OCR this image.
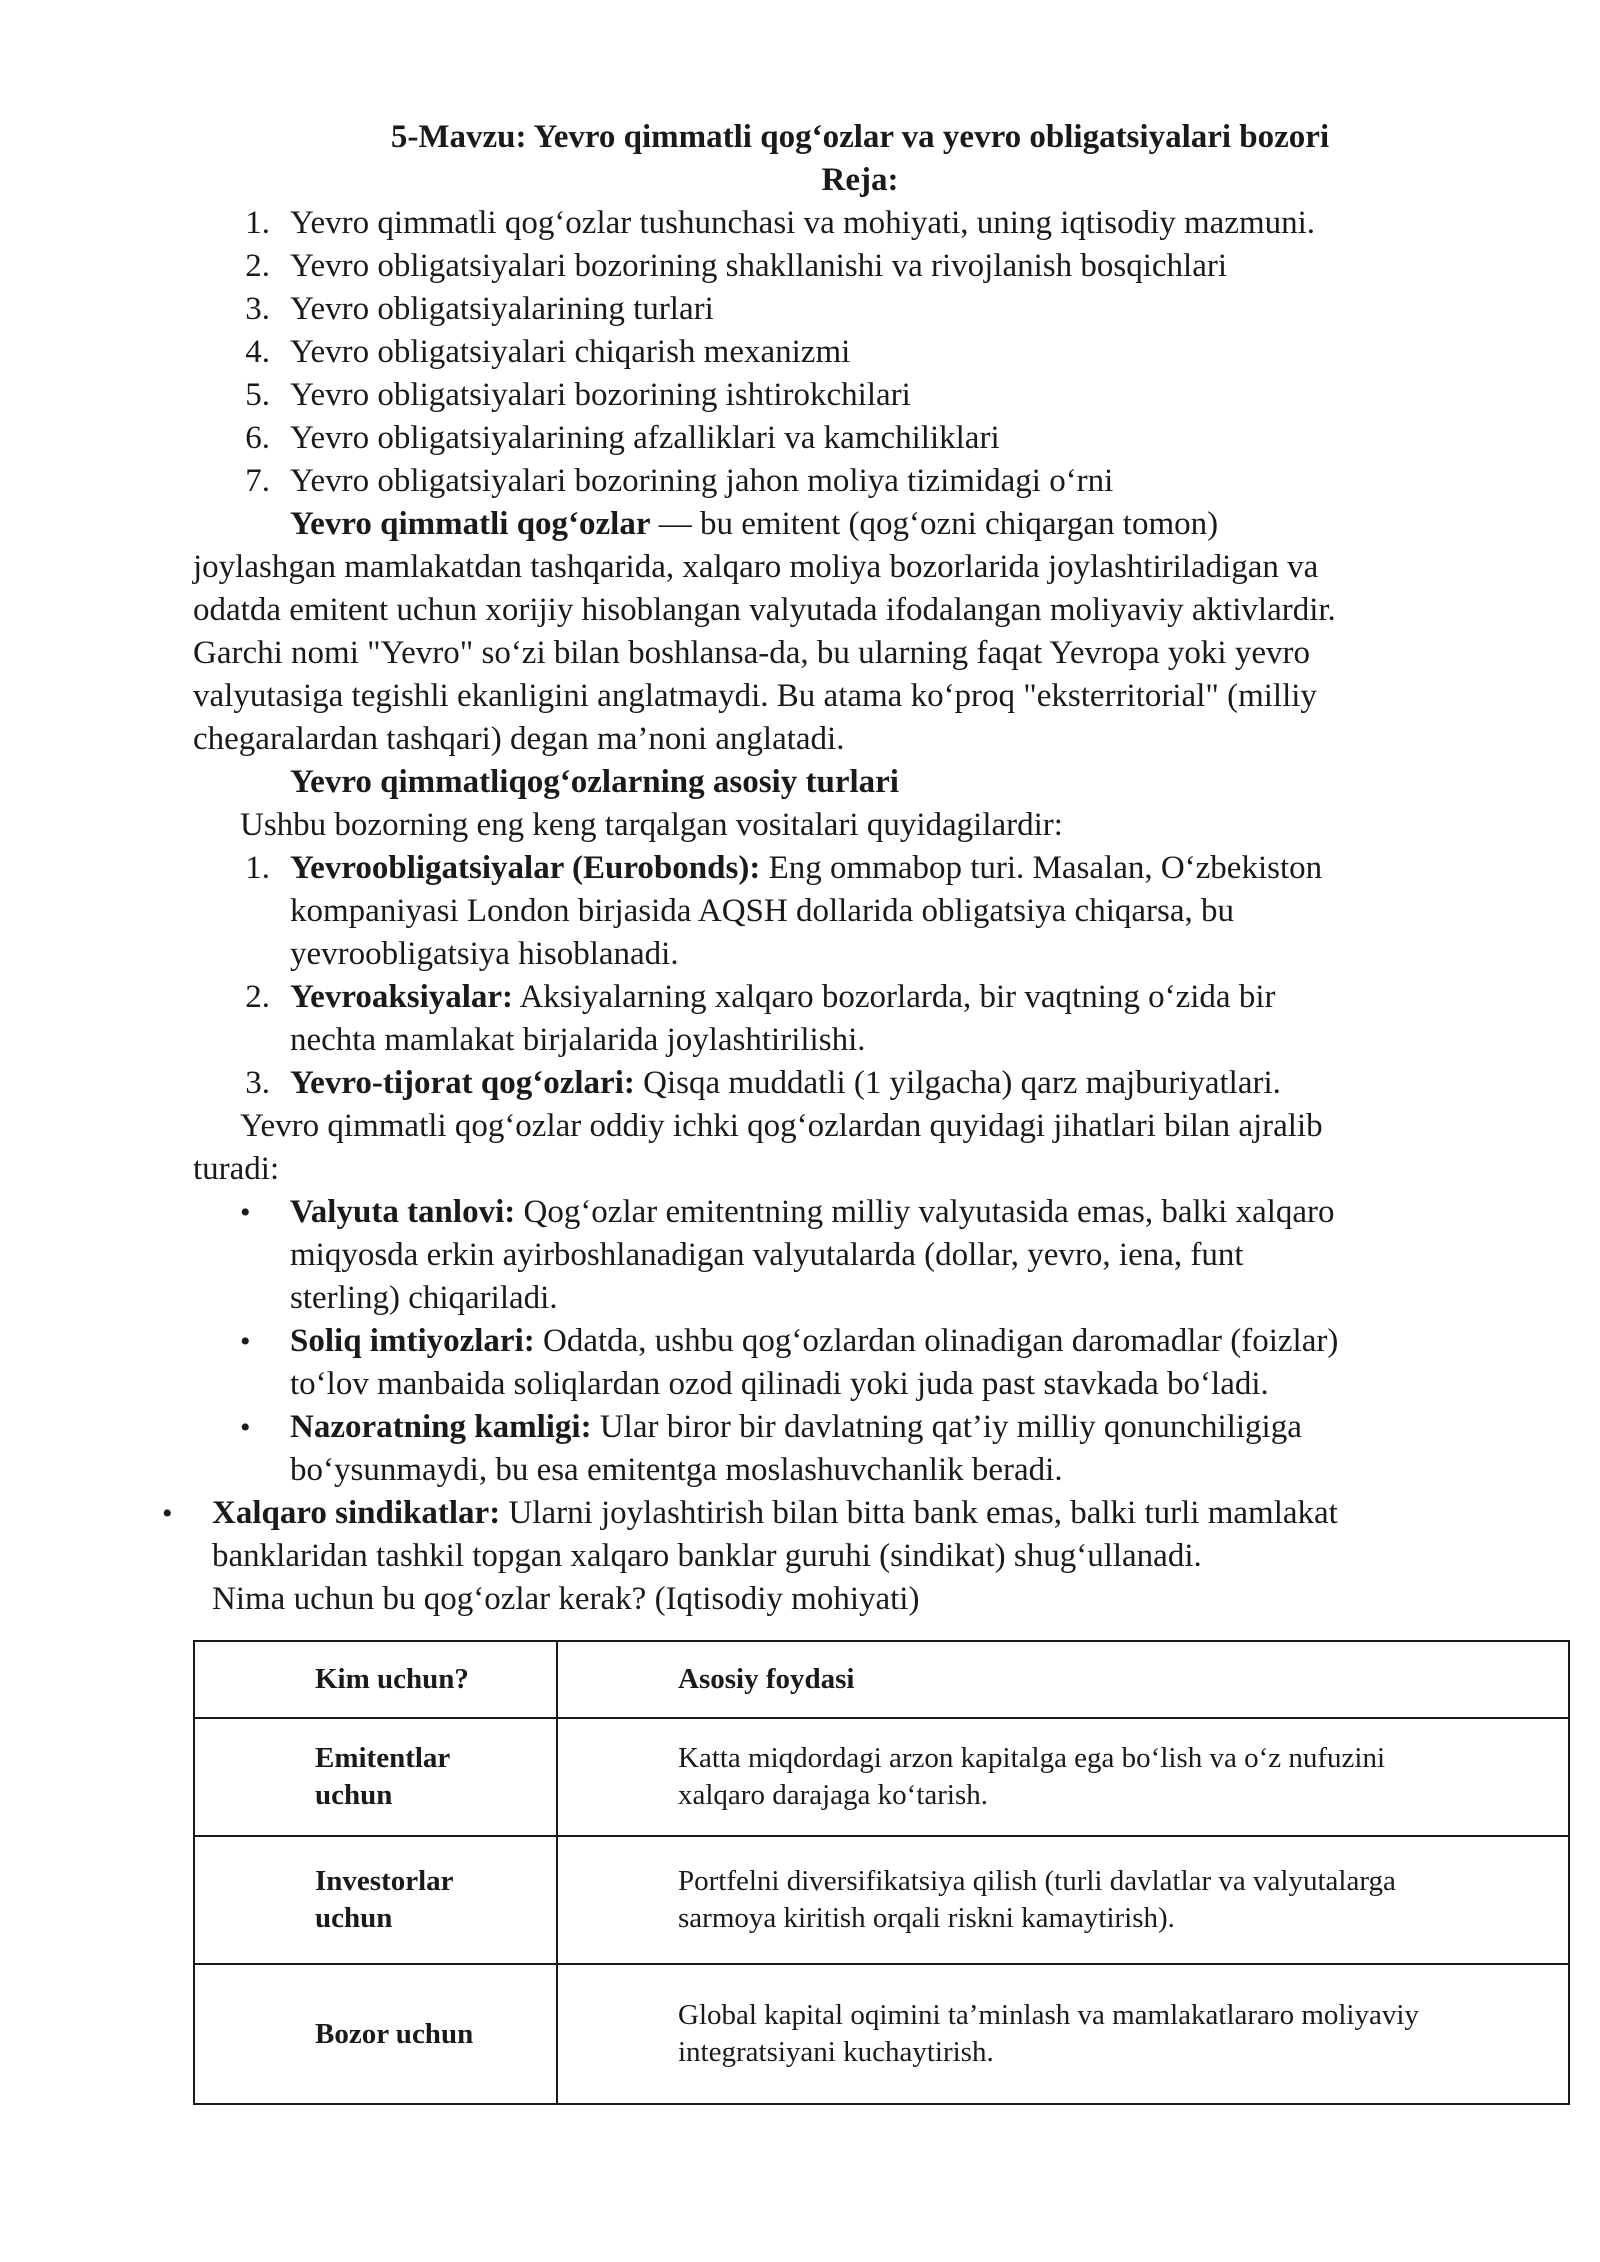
5-Mavzu: Yevro qimmatli qog‘ozlar va yevro obligatsiyalari bozori
Reja:
1. Yevro qimmatli qog‘ozlar tushunchasi va mohiyati, uning iqtisodiy mazmuni.
2. Yevro obligatsiyalari bozorining shakllanishi va rivojlanish bosqichlari
3. Yevro obligatsiyalarining turlari
4. Yevro obligatsiyalari chiqarish mexanizmi
5. Yevro obligatsiyalari bozorining ishtirokchilari
6. Yevro obligatsiyalarining afzalliklari va kamchiliklari
7. Yevro obligatsiyalari bozorining jahon moliya tizimidagi o‘rni
Yevro qimmatli qog‘ozlar — bu emitent (qog‘ozni chiqargan tomon)
joylashgan mamlakatdan tashqarida, xalqaro moliya bozorlarida joylashtiriladigan va
odatda emitent uchun xorijiy hisoblangan valyutada ifodalangan moliyaviy aktivlardir.
Garchi nomi "Yevro" so‘zi bilan boshlansa-da, bu ularning faqat Yevropa yoki yevro
valyutasiga tegishli ekanligini anglatmaydi. Bu atama ko‘proq "eksterritorial" (milliy
chegaralardan tashqari) degan ma’noni anglatadi.
Yevro qimmatliqog‘ozlarning asosiy turlari
Ushbu bozorning eng keng tarqalgan vositalari quyidagilardir:
1. Yevroobligatsiyalar (Eurobonds): Eng ommabop turi. Masalan, O‘zbekiston
kompaniyasi London birjasida AQSH dollarida obligatsiya chiqarsa, bu
yevroobligatsiya hisoblanadi.
2. Yevroaksiyalar: Aksiyalarning xalqaro bozorlarda, bir vaqtning o‘zida bir
nechta mamlakat birjalarida joylashtirilishi.
3. Yevro-tijorat qog‘ozlari: Qisqa muddatli (1 yilgacha) qarz majburiyatlari.
Yevro qimmatli qog‘ozlar oddiy ichki qog‘ozlardan quyidagi jihatlari bilan ajralib
turadi:
• Valyuta tanlovi: Qog‘ozlar emitentning milliy valyutasida emas, balki xalqaro
miqyosda erkin ayirboshlanadigan valyutalarda (dollar, yevro, iena, funt
sterling) chiqariladi.
• Soliq imtiyozlari: Odatda, ushbu qog‘ozlardan olinadigan daromadlar (foizlar)
to‘lov manbaida soliqlardan ozod qilinadi yoki juda past stavkada bo‘ladi.
• Nazoratning kamligi: Ular biror bir davlatning qat’iy milliy qonunchiligiga
bo‘ysunmaydi, bu esa emitentga moslashuvchanlik beradi.
• Xalqaro sindikatlar: Ularni joylashtirish bilan bitta bank emas, balki turli mamlakat
banklaridan tashkil topgan xalqaro banklar guruhi (sindikat) shug‘ullanadi.
Nima uchun bu qog‘ozlar kerak? (Iqtisodiy mohiyati)
Kim uchun?	Asosiy foydasi

Emitentlar
uchun	Katta miqdordagi arzon kapitalga ega bo‘lish va o‘z nufuzini
xalqaro darajaga ko‘tarish.

Investorlar
uchun	Portfelni diversifikatsiya qilish (turli davlatlar va valyutalarga
sarmoya kiritish orqali riskni kamaytirish).

Bozor uchun	Global kapital oqimini ta’minlash va mamlakatlararo moliyaviy
integratsiyani kuchaytirish.
